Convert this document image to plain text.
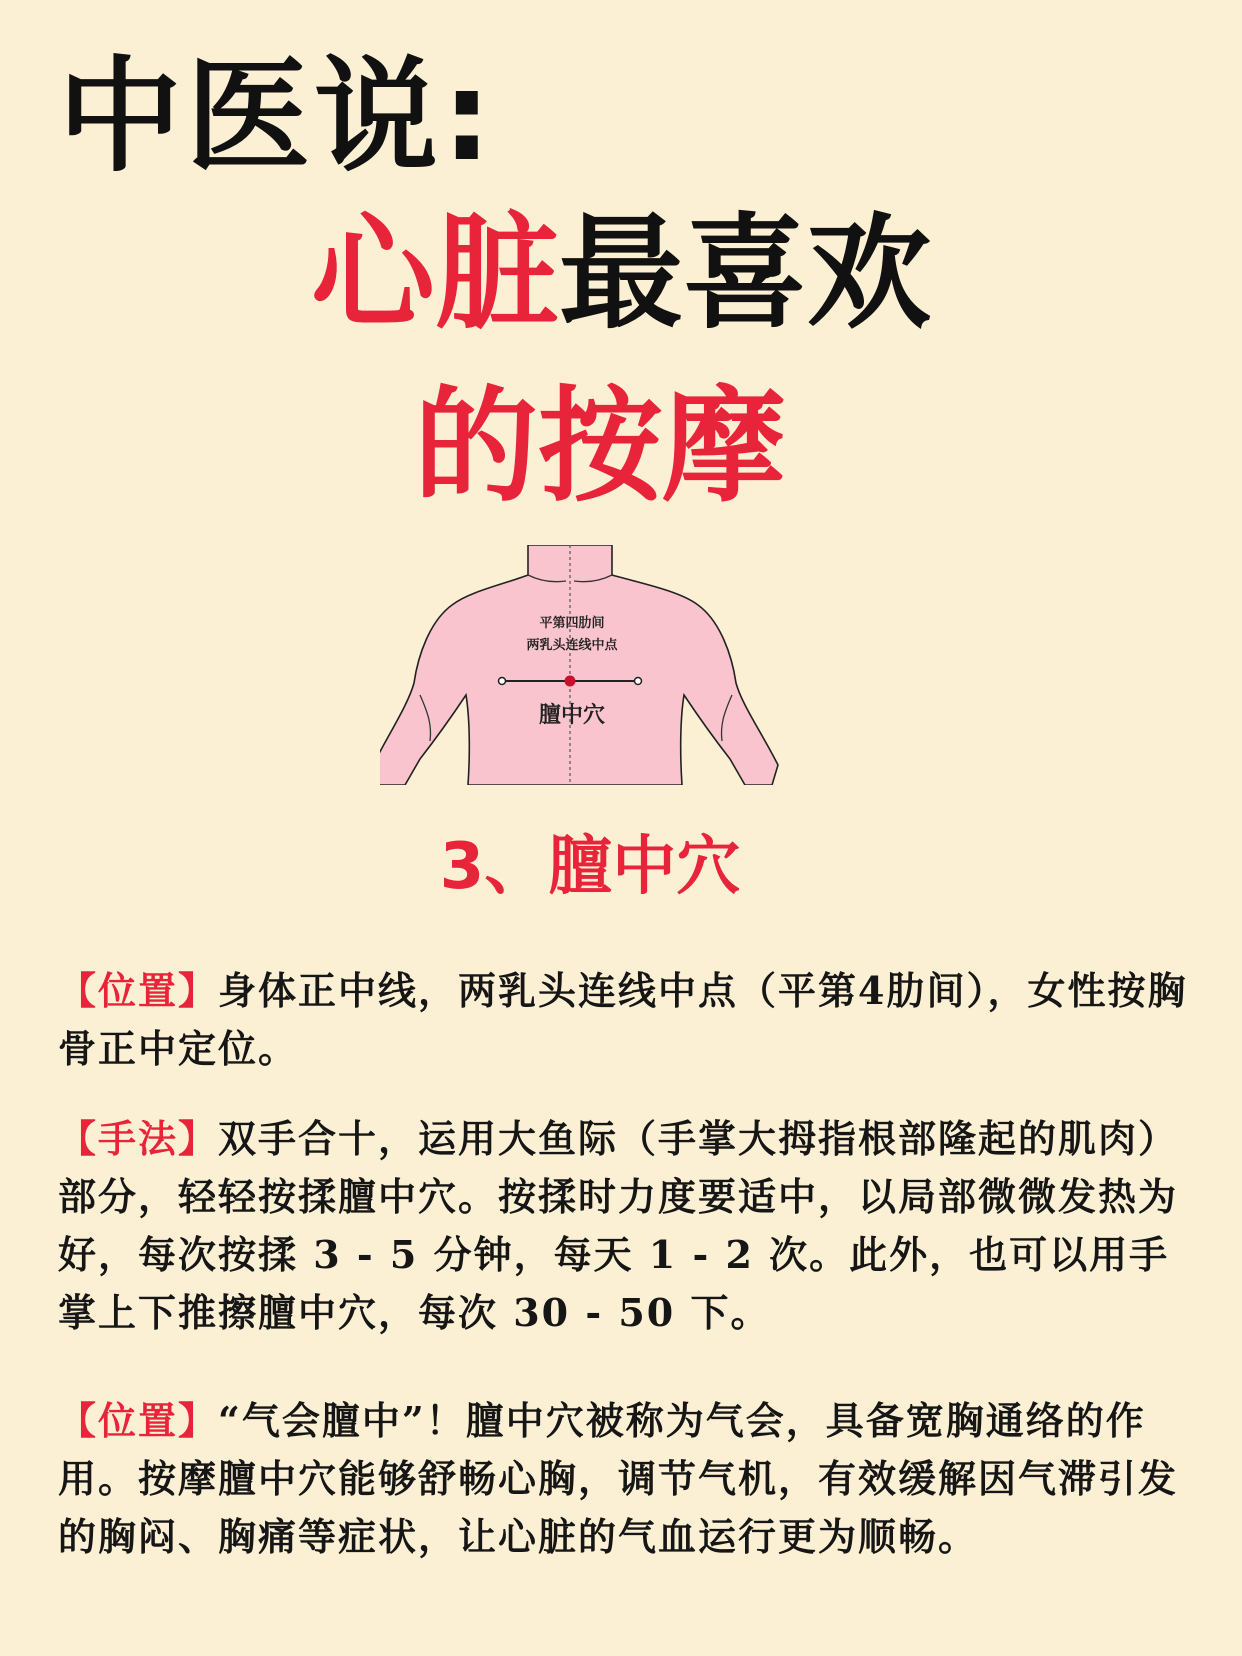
中医说:
心脏最喜欢
的按摩
平第四肋间
两乳头连线中点
膻中穴
3、膻中穴
【位置】身体正中线，两乳头连线中点（平第4肋间），女性按胸骨正中定位。
【手法】双手合十，运用大鱼际（手掌大拇指根部隆起的肌肉）部分，轻轻按揉膻中穴。按揉时力度要适中，以局部微微发热为好，每次按揉 3 - 5 分钟，每天 1 - 2 次。此外，也可以用手掌上下推擦膻中穴，每次 30 - 50 下。
【位置】“气会膻中”！膻中穴被称为气会，具备宽胸通络的作用。按摩膻中穴能够舒畅心胸，调节气机，有效缓解因气滞引发的胸闷、胸痛等症状，让心脏的气血运行更为顺畅。
